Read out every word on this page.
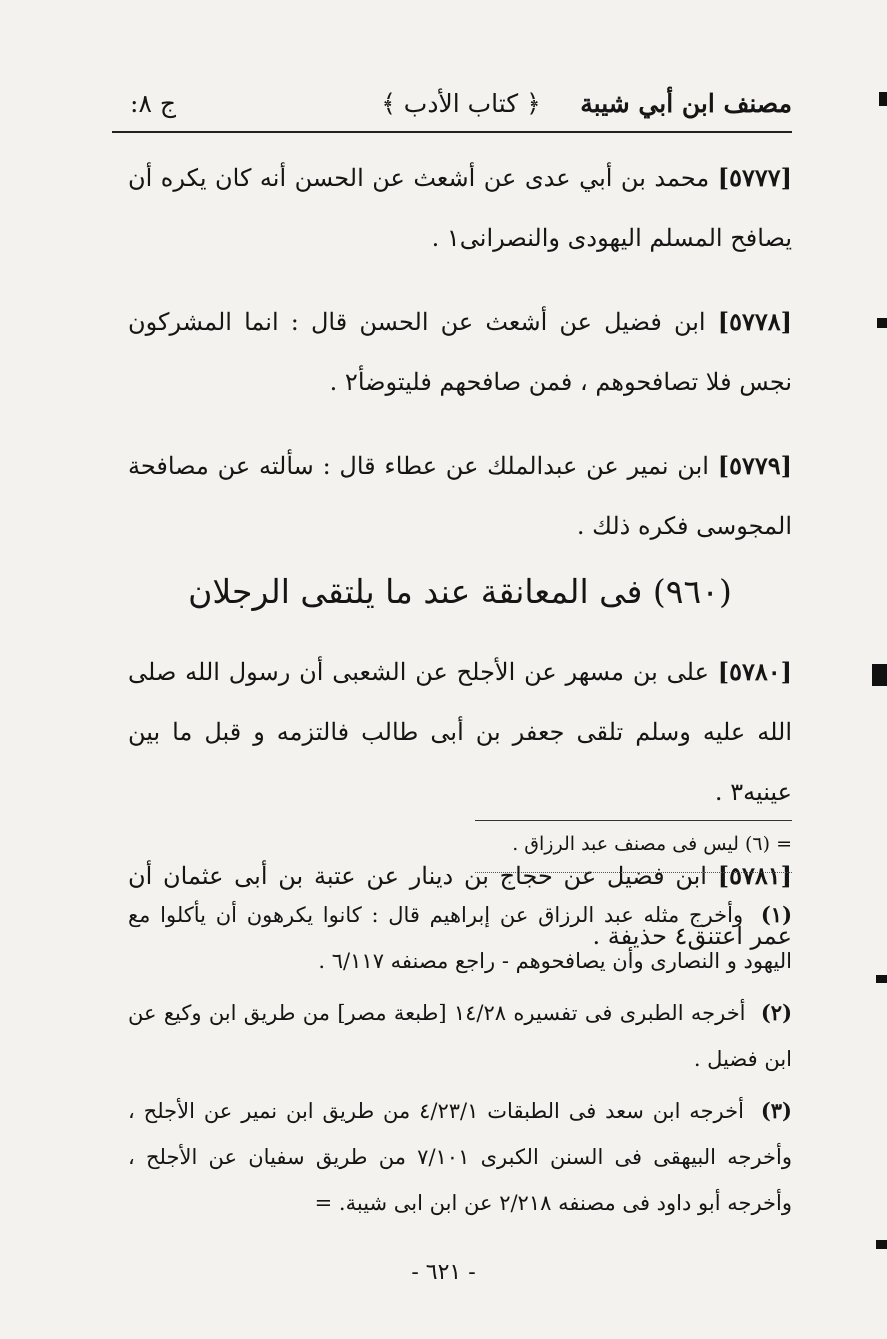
مصنف ابن أبي شيبة
﴿ كتاب الأدب ﴾
ج ٨:

[٥٧٧٧] محمد بن أبي عدى عن أشعث عن الحسن أنه كان يكره أن يصافح المسلم اليهودى والنصرانى١ .

[٥٧٧٨] ابن فضيل عن أشعث عن الحسن قال : انما المشركون نجس فلا تصافحوهم ، فمن صافحهم فليتوضأ٢ .

[٥٧٧٩] ابن نمير عن عبدالملك عن عطاء قال : سألته عن مصافحة المجوسى فكره ذلك .

(٩٦٠) فى المعانقة عند ما يلتقى الرجلان

[٥٧٨٠] على بن مسهر عن الأجلح عن الشعبى أن رسول الله صلى الله عليه وسلم تلقى جعفر بن أبى طالب فالتزمه و قبل ما بين عينيه٣ .

[٥٧٨١] ابن فضيل عن حجاج بن دينار عن عتبة بن أبى عثمان أن عمر اعتنق٤ حذيفة .

= (٦) ليس فى مصنف عبد الرزاق .

(١) وأخرج مثله عبد الرزاق عن إبراهيم قال : كانوا يكرهون أن يأكلوا مع اليهود و النصارى وأن يصافحوهم - راجع مصنفه ٦/١١٧ .

(٢) أخرجه الطبرى فى تفسيره ١٤/٢٨ [طبعة مصر] من طريق ابن وكيع عن ابن فضيل .

(٣) أخرجه ابن سعد فى الطبقات ٤/٢٣/١ من طريق ابن نمير عن الأجلح ، وأخرجه البيهقى فى السنن الكبرى ٧/١٠١ من طريق سفيان عن الأجلح ، وأخرجه أبو داود فى مصنفه ٢/٢١٨ عن ابن ابى شيبة. =

- ٦٢١ -
